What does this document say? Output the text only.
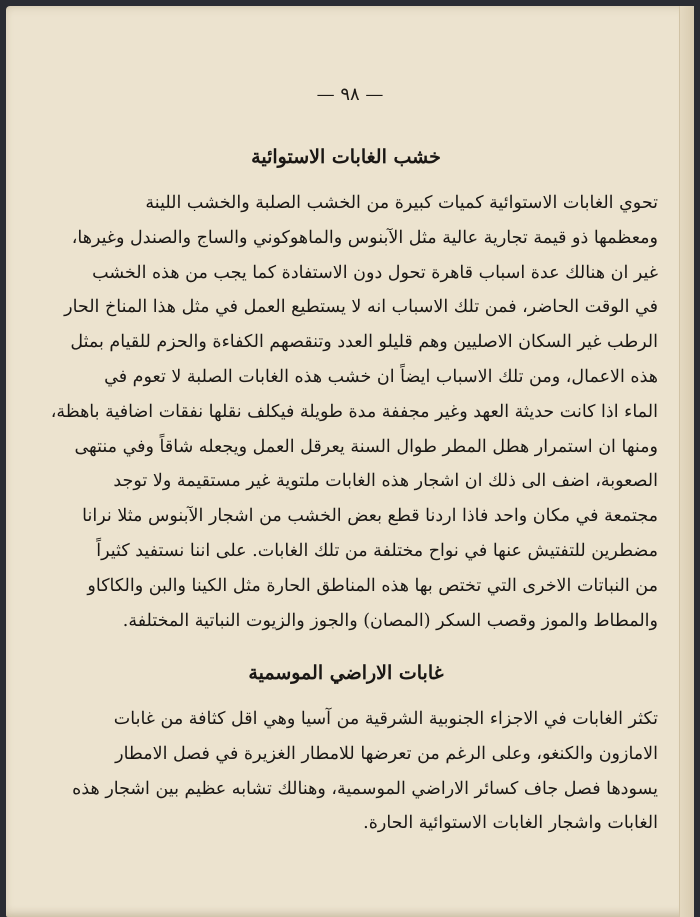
— ٩٨ —
خشب الغابات الاستوائية
تحوي الغابات الاستوائية كميات كبيرة من الخشب الصلبة والخشب اللينة
ومعظمها ذو قيمة تجارية عالية مثل الآبنوس والماهوكوني والساج والصندل وغيرها،
غير ان هنالك عدة اسباب قاهرة تحول دون الاستفادة كما يجب من هذه الخشب
في الوقت الحاضر، فمن تلك الاسباب انه لا يستطيع العمل في مثل هذا المناخ الحار
الرطب غير السكان الاصليين وهم قليلو العدد وتنقصهم الكفاءة والحزم للقيام بمثل
هذه الاعمال، ومن تلك الاسباب ايضاً ان خشب هذه الغابات الصلبة لا تعوم في
الماء اذا كانت حديثة العهد وغير مجففة مدة طويلة فيكلف نقلها نفقات اضافية باهظة،
ومنها ان استمرار هطل المطر طوال السنة يعرقل العمل ويجعله شاقاً وفي منتهى
الصعوبة، اضف الى ذلك ان اشجار هذه الغابات ملتوية غير مستقيمة ولا توجد
مجتمعة في مكان واحد فاذا اردنا قطع بعض الخشب من اشجار الآبنوس مثلا نرانا
مضطرين للتفتيش عنها في نواح مختلفة من تلك الغابات. على اننا نستفيد كثيراً
من النباتات الاخرى التي تختص بها هذه المناطق الحارة مثل الكينا والبن والكاكاو
والمطاط والموز وقصب السكر (المصان) والجوز والزيوت النباتية المختلفة.
غابات الاراضي الموسمية
تكثر الغابات في الاجزاء الجنوبية الشرقية من آسيا وهي اقل كثافة من غابات
الامازون والكنغو، وعلى الرغم من تعرضها للامطار الغزيرة في فصل الامطار
يسودها فصل جاف كسائر الاراضي الموسمية، وهنالك تشابه عظيم بين اشجار هذه
الغابات واشجار الغابات الاستوائية الحارة.
